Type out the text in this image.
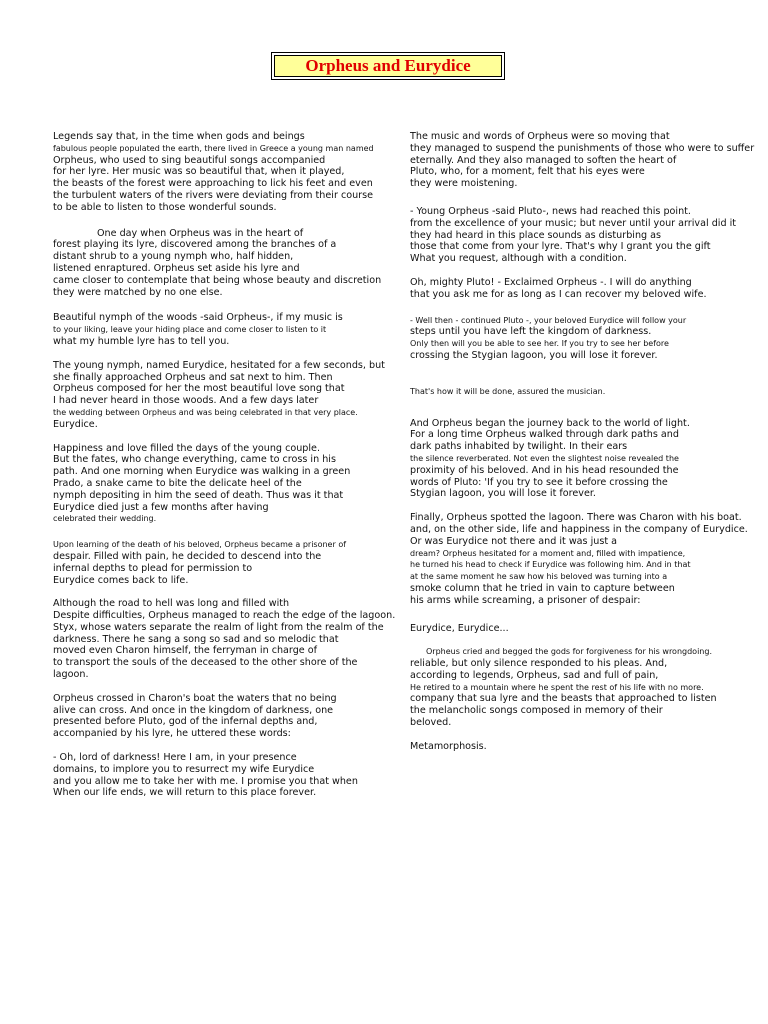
Orpheus and Eurydice
Legends say that, in the time when gods and beings
fabulous people populated the earth, there lived in Greece a young man named
Orpheus, who used to sing beautiful songs accompanied
for her lyre. Her music was so beautiful that, when it played,
the beasts of the forest were approaching to lick his feet and even
the turbulent waters of the rivers were deviating from their course
to be able to listen to those wonderful sounds.
One day when Orpheus was in the heart of
forest playing its lyre, discovered among the branches of a
distant shrub to a young nymph who, half hidden,
listened enraptured. Orpheus set aside his lyre and
came closer to contemplate that being whose beauty and discretion
they were matched by no one else.
Beautiful nymph of the woods -said Orpheus-, if my music is
to your liking, leave your hiding place and come closer to listen to it
what my humble lyre has to tell you.
The young nymph, named Eurydice, hesitated for a few seconds, but
she finally approached Orpheus and sat next to him. Then
Orpheus composed for her the most beautiful love song that
I had never heard in those woods. And a few days later
the wedding between Orpheus and was being celebrated in that very place.
Eurydice.
Happiness and love filled the days of the young couple.
But the fates, who change everything, came to cross in his
path. And one morning when Eurydice was walking in a green
Prado, a snake came to bite the delicate heel of the
nymph depositing in him the seed of death. Thus was it that
Eurydice died just a few months after having
celebrated their wedding.
Upon learning of the death of his beloved, Orpheus became a prisoner of
despair. Filled with pain, he decided to descend into the
infernal depths to plead for permission to
Eurydice comes back to life.
Although the road to hell was long and filled with
Despite difficulties, Orpheus managed to reach the edge of the lagoon.
Styx, whose waters separate the realm of light from the realm of the
darkness. There he sang a song so sad and so melodic that
moved even Charon himself, the ferryman in charge of
to transport the souls of the deceased to the other shore of the
lagoon.
Orpheus crossed in Charon's boat the waters that no being
alive can cross. And once in the kingdom of darkness, one
presented before Pluto, god of the infernal depths and,
accompanied by his lyre, he uttered these words:
- Oh, lord of darkness! Here I am, in your presence
domains, to implore you to resurrect my wife Eurydice
and you allow me to take her with me. I promise you that when
When our life ends, we will return to this place forever.
The music and words of Orpheus were so moving that
they managed to suspend the punishments of those who were to suffer
eternally. And they also managed to soften the heart of
Pluto, who, for a moment, felt that his eyes were
they were moistening.
- Young Orpheus -said Pluto-, news had reached this point.
from the excellence of your music; but never until your arrival did it
they had heard in this place sounds as disturbing as
those that come from your lyre. That's why I grant you the gift
What you request, although with a condition.
Oh, mighty Pluto! - Exclaimed Orpheus -. I will do anything
that you ask me for as long as I can recover my beloved wife.
- Well then - continued Pluto -, your beloved Eurydice will follow your
steps until you have left the kingdom of darkness.
Only then will you be able to see her. If you try to see her before
crossing the Stygian lagoon, you will lose it forever.
That's how it will be done, assured the musician.
And Orpheus began the journey back to the world of light.
For a long time Orpheus walked through dark paths and
dark paths inhabited by twilight. In their ears
the silence reverberated. Not even the slightest noise revealed the
proximity of his beloved. And in his head resounded the
words of Pluto: 'If you try to see it before crossing the
Stygian lagoon, you will lose it forever.
Finally, Orpheus spotted the lagoon. There was Charon with his boat.
and, on the other side, life and happiness in the company of Eurydice.
Or was Eurydice not there and it was just a
dream? Orpheus hesitated for a moment and, filled with impatience,
he turned his head to check if Eurydice was following him. And in that
at the same moment he saw how his beloved was turning into a
smoke column that he tried in vain to capture between
his arms while screaming, a prisoner of despair:
Eurydice, Eurydice...
Orpheus cried and begged the gods for forgiveness for his wrongdoing.
reliable, but only silence responded to his pleas. And,
according to legends, Orpheus, sad and full of pain,
He retired to a mountain where he spent the rest of his life with no more.
company that sua lyre and the beasts that approached to listen
the melancholic songs composed in memory of their
beloved.
Metamorphosis.
